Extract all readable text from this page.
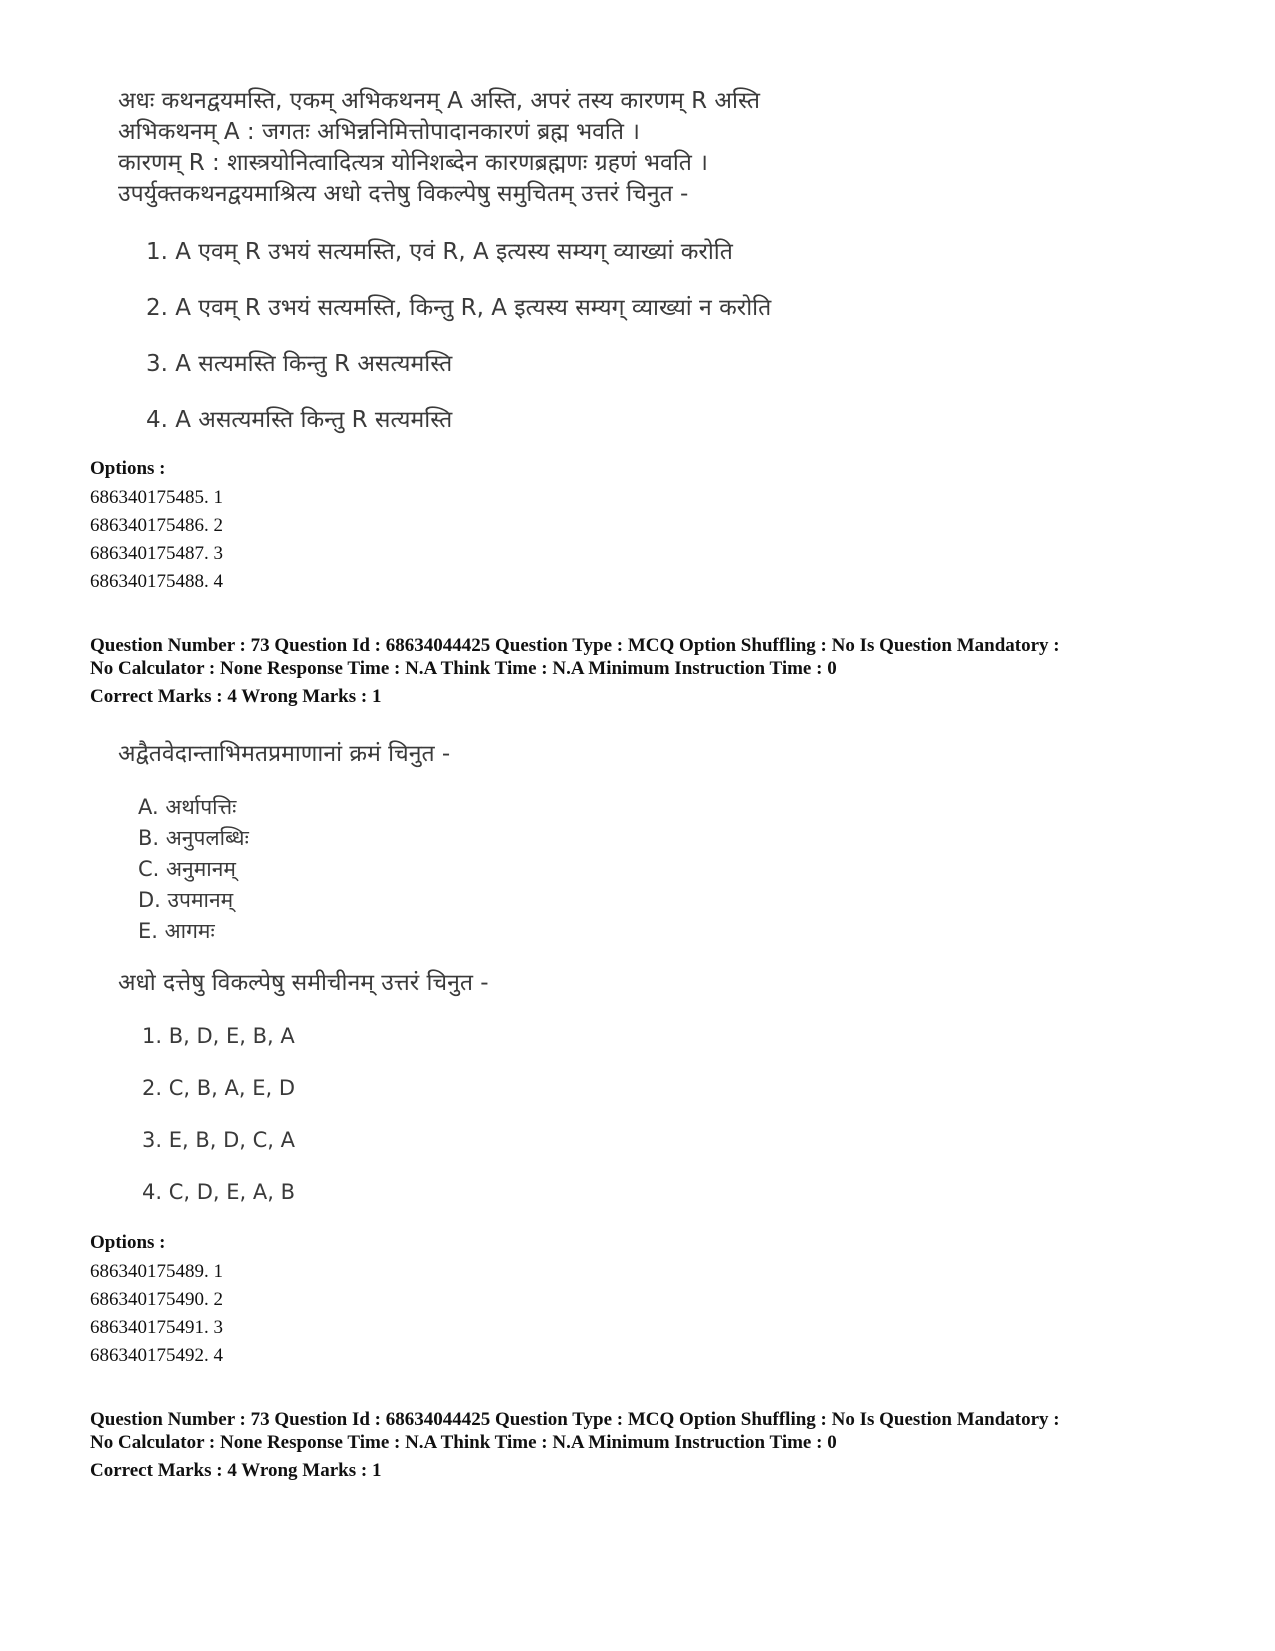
अधः कथनद्वयमस्ति, एकम् अभिकथनम् A अस्ति, अपरं तस्य कारणम् R अस्ति
अभिकथनम् A : जगतः अभिन्ननिमित्तोपादानकारणं ब्रह्म भवति ।
कारणम् R : शास्त्रयोनित्वादित्यत्र योनिशब्देन कारणब्रह्मणः ग्रहणं भवति ।
उपर्युक्तकथनद्वयमाश्रित्य अधो दत्तेषु विकल्पेषु समुचितम् उत्तरं चिनुत -
1. A एवम् R उभयं सत्यमस्ति, एवं R, A इत्यस्य सम्यग् व्याख्यां करोति
2. A एवम् R उभयं सत्यमस्ति, किन्तु R, A इत्यस्य सम्यग् व्याख्यां न करोति
3. A सत्यमस्ति किन्तु R असत्यमस्ति
4. A असत्यमस्ति किन्तु R सत्यमस्ति
Options :
686340175485. 1
686340175486. 2
686340175487. 3
686340175488. 4
Question Number : 73 Question Id : 68634044425 Question Type : MCQ Option Shuffling : No Is Question Mandatory :
No Calculator : None Response Time : N.A Think Time : N.A Minimum Instruction Time : 0
Correct Marks : 4 Wrong Marks : 1
अद्वैतवेदान्ताभिमतप्रमाणानां क्रमं चिनुत -
A. अर्थापत्तिः
B. अनुपलब्धिः
C. अनुमानम्
D. उपमानम्
E. आगमः
अधो दत्तेषु विकल्पेषु समीचीनम् उत्तरं चिनुत -
1. B, D, E, B, A
2. C, B, A, E, D
3. E, B, D, C, A
4. C, D, E, A, B
Options :
686340175489. 1
686340175490. 2
686340175491. 3
686340175492. 4
Question Number : 73 Question Id : 68634044425 Question Type : MCQ Option Shuffling : No Is Question Mandatory :
No Calculator : None Response Time : N.A Think Time : N.A Minimum Instruction Time : 0
Correct Marks : 4 Wrong Marks : 1
